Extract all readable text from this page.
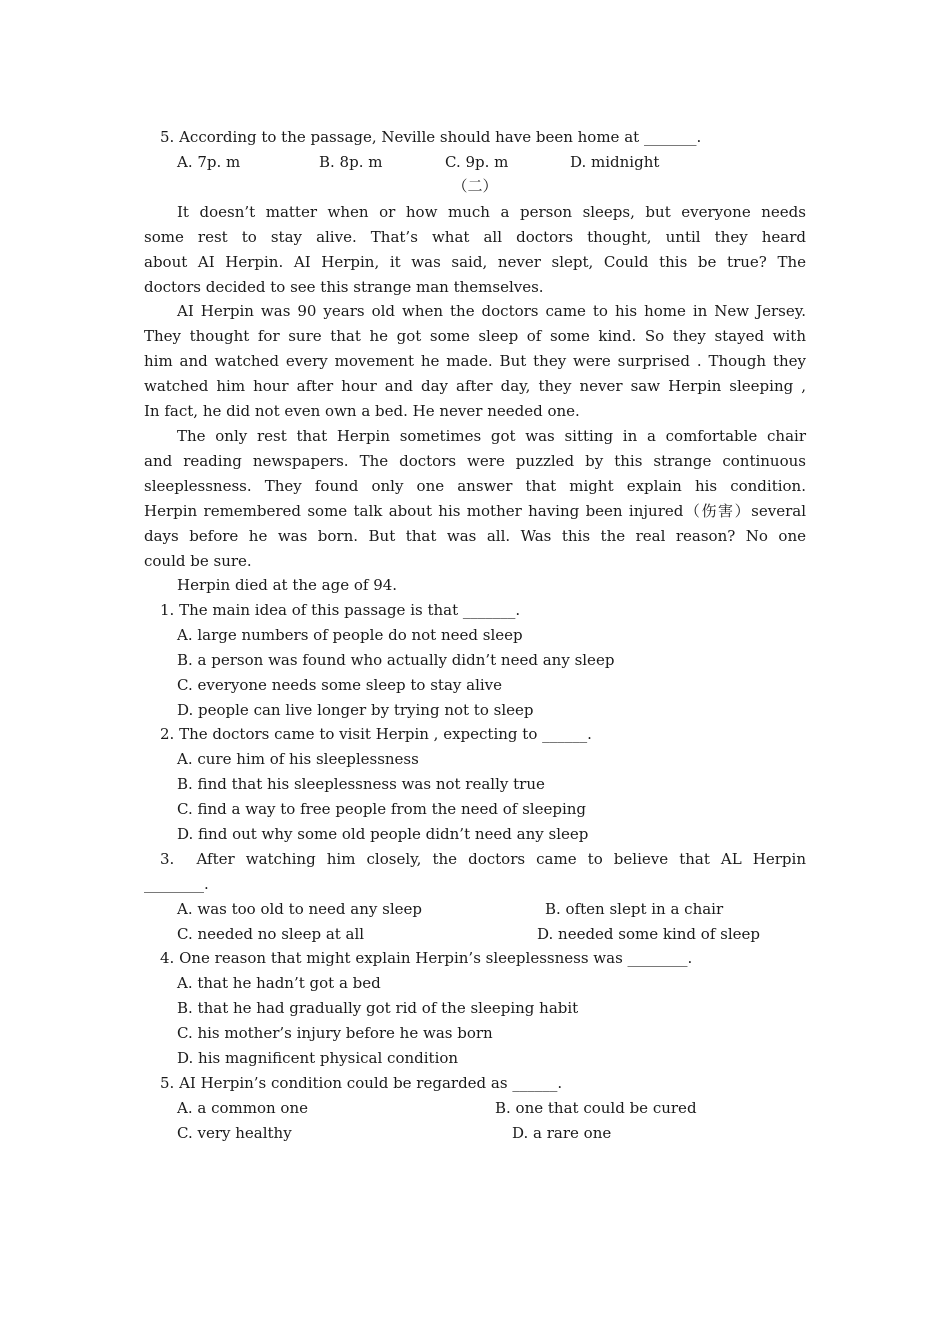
5. According to the passage, Neville should have been home at _______.
A. 7p. m	B. 8p. m	C. 9p. m	D. midnight
（二）
It doesn’t matter when or how much a person sleeps, but everyone needs
some rest to stay alive. That’s what all doctors thought, until they heard
about AI Herpin. AI Herpin, it was said, never slept, Could this be true? The
doctors decided to see this strange man themselves.
AI Herpin was 90 years old when the doctors came to his home in New Jersey.
They thought for sure that he got some sleep of some kind. So they stayed with
him and watched every movement he made. But they were surprised . Though they
watched him hour after hour and day after day, they never saw Herpin sleeping ,
In fact, he did not even own a bed. He never needed one.
The only rest that Herpin sometimes got was sitting in a comfortable chair
and reading newspapers. The doctors were puzzled by this strange continuous
sleeplessness. They found only one answer that might explain his condition.
Herpin remembered some talk about his mother having been injured（伤害）several
days before he was born. But that was all. Was this the real reason? No one
could be sure.
Herpin died at the age of 94.
1. The main idea of this passage is that _______.
A. large numbers of people do not need sleep
B. a person was found who actually didn’t need any sleep
C. everyone needs some sleep to stay alive
D. people can live longer by trying not to sleep
2. The doctors came to visit Herpin , expecting to ______.
A. cure him of his sleeplessness
B. find that his sleeplessness was not really true
C. find a way to free people from the need of sleeping
D. find out why some old people didn’t need any sleep
3.  After watching him closely, the doctors came to believe that AL Herpin
________.
A. was too old to need any sleep	B. often slept in a chair
C. needed no sleep at all	D. needed some kind of sleep
4. One reason that might explain Herpin’s sleeplessness was ________.
A. that he hadn’t got a bed
B. that he had gradually got rid of the sleeping habit
C. his mother’s injury before he was born
D. his magnificent physical condition
5. AI Herpin’s condition could be regarded as ______.
A. a common one	B. one that could be cured
C. very healthy	D. a rare one
